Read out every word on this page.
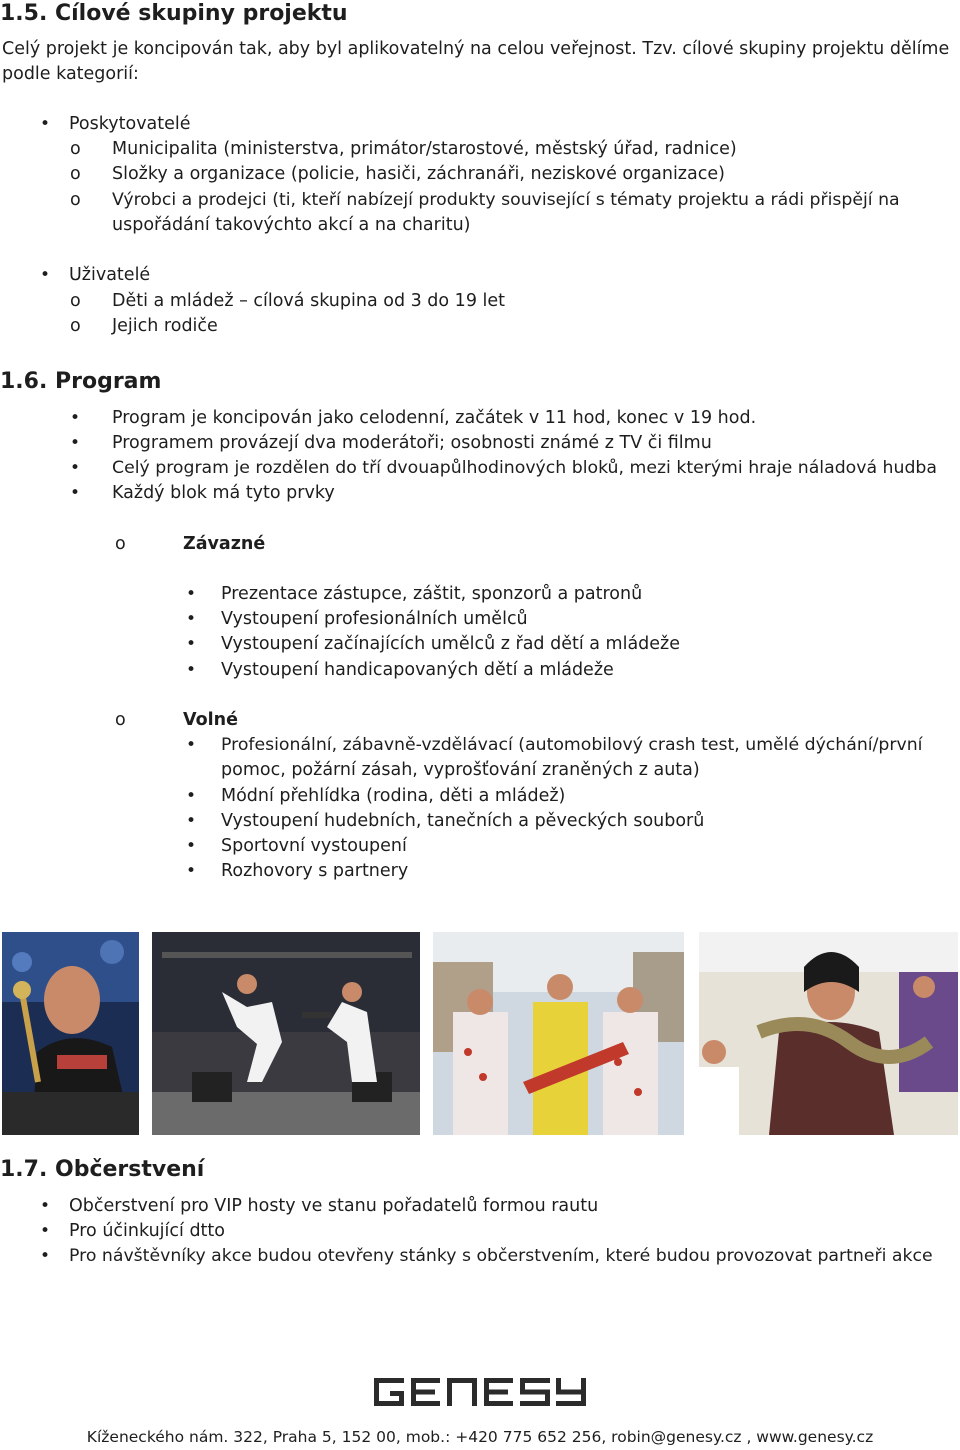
1.5. Cílové skupiny projektu
Celý projekt je koncipován tak, aby byl aplikovatelný na celou veřejnost. Tzv. cílové skupiny projektu dělíme
podle kategorií:
• Poskytovatelé
o Municipalita (ministerstva, primátor/starostové, městský úřad, radnice)
o Složky a organizace (policie, hasiči, záchranáři, neziskové organizace)
o Výrobci a prodejci (ti, kteří nabízejí produkty související s tématy projektu a rádi přispějí na
uspořádání takovýchto akcí a na charitu)
• Uživatelé
o Děti a mládež – cílová skupina od 3 do 19 let
o Jejich rodiče
1.6. Program
• Program je koncipován jako celodenní, začátek v 11 hod, konec v 19 hod.
• Programem provázejí dva moderátoři; osobnosti známé z TV či filmu
• Celý program je rozdělen do tří dvouapůlhodinových bloků, mezi kterými hraje náladová hudba
• Každý blok má tyto prvky
o	Závazné
• Prezentace zástupce, záštit, sponzorů a patronů
• Vystoupení profesionálních umělců
• Vystoupení začínajících umělců z řad dětí a mládeže
• Vystoupení handicapovaných dětí a mládeže
o	Volné
• Profesionální, zábavně-vzdělávací (automobilový crash test, umělé dýchání/první
pomoc, požární zásah, vyprošťování zraněných z auta)
• Módní přehlídka (rodina, děti a mládež)
• Vystoupení hudebních, tanečních a pěveckých souborů
• Sportovní vystoupení
• Rozhovory s partnery
1.7. Občerstvení
• Občerstvení pro VIP hosty ve stanu pořadatelů formou rautu
• Pro účinkující dtto
• Pro návštěvníky akce budou otevřeny stánky s občerstvením, které budou provozovat partneři akce
Kíženeckého nám. 322, Praha 5, 152 00, mob.: +420 775 652 256, robin@genesy.cz , www.genesy.cz
